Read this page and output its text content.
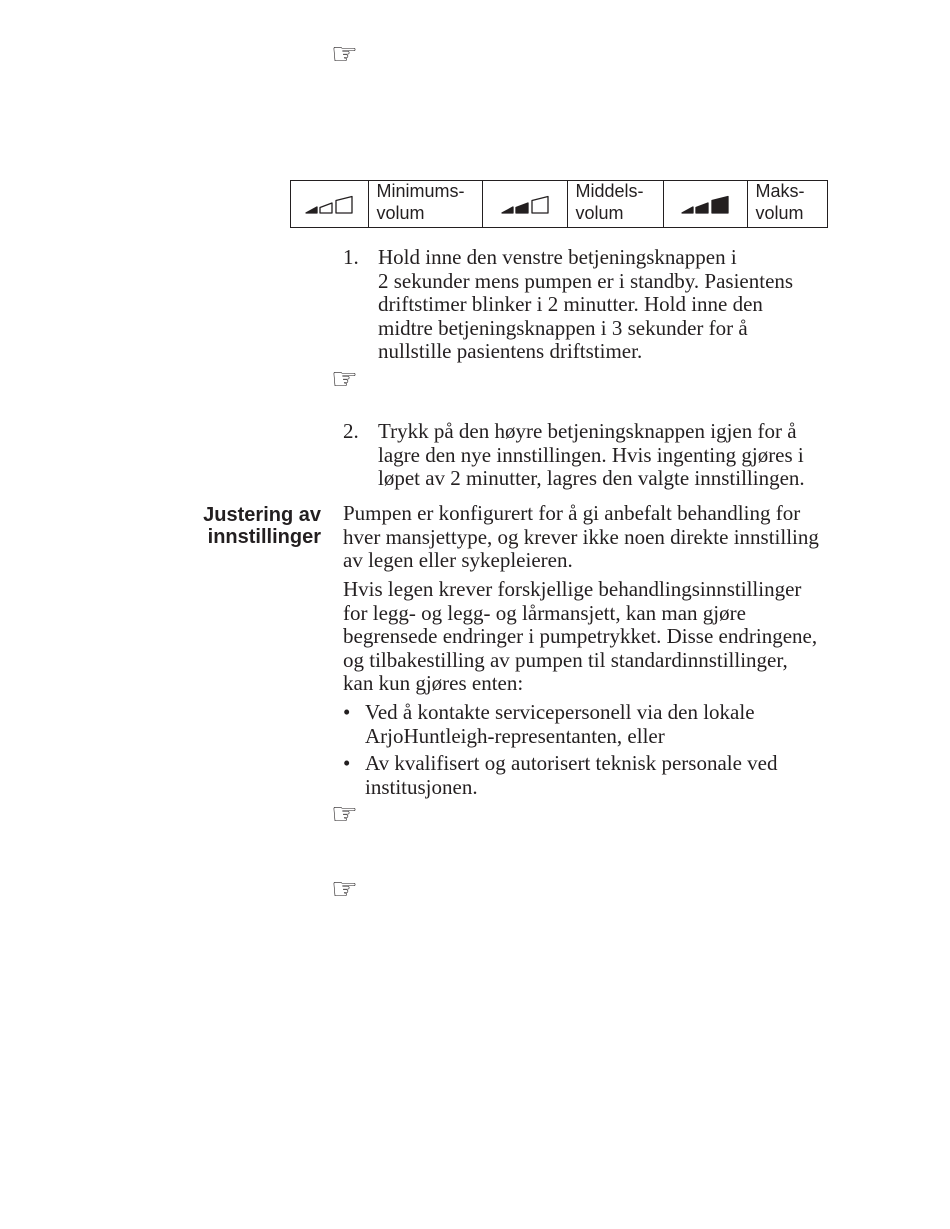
☞
Minimums-
volum
Middels-
volum
Maks-
volum
1. Hold inne den venstre betjeningsknappen i
2 sekunder mens pumpen er i standby. Pasientens
driftstimer blinker i 2 minutter. Hold inne den
midtre betjeningsknappen i 3 sekunder for å
nullstille pasientens driftstimer.
☞
2. Trykk på den høyre betjeningsknappen igjen for å
lagre den nye innstillingen. Hvis ingenting gjøres i
løpet av 2 minutter, lagres den valgte innstillingen.
Justering av
innstillinger
Pumpen er konfigurert for å gi anbefalt behandling for
hver mansjettype, og krever ikke noen direkte innstilling
av legen eller sykepleieren.
Hvis legen krever forskjellige behandlingsinnstillinger
for legg- og legg- og lårmansjett, kan man gjøre
begrensede endringer i pumpetrykket. Disse endringene,
og tilbakestilling av pumpen til standardinnstillinger,
kan kun gjøres enten:
Ved å kontakte servicepersonell via den lokale
ArjoHuntleigh-representanten, eller
Av kvalifisert og autorisert teknisk personale ved
institusjonen.
☞
☞
